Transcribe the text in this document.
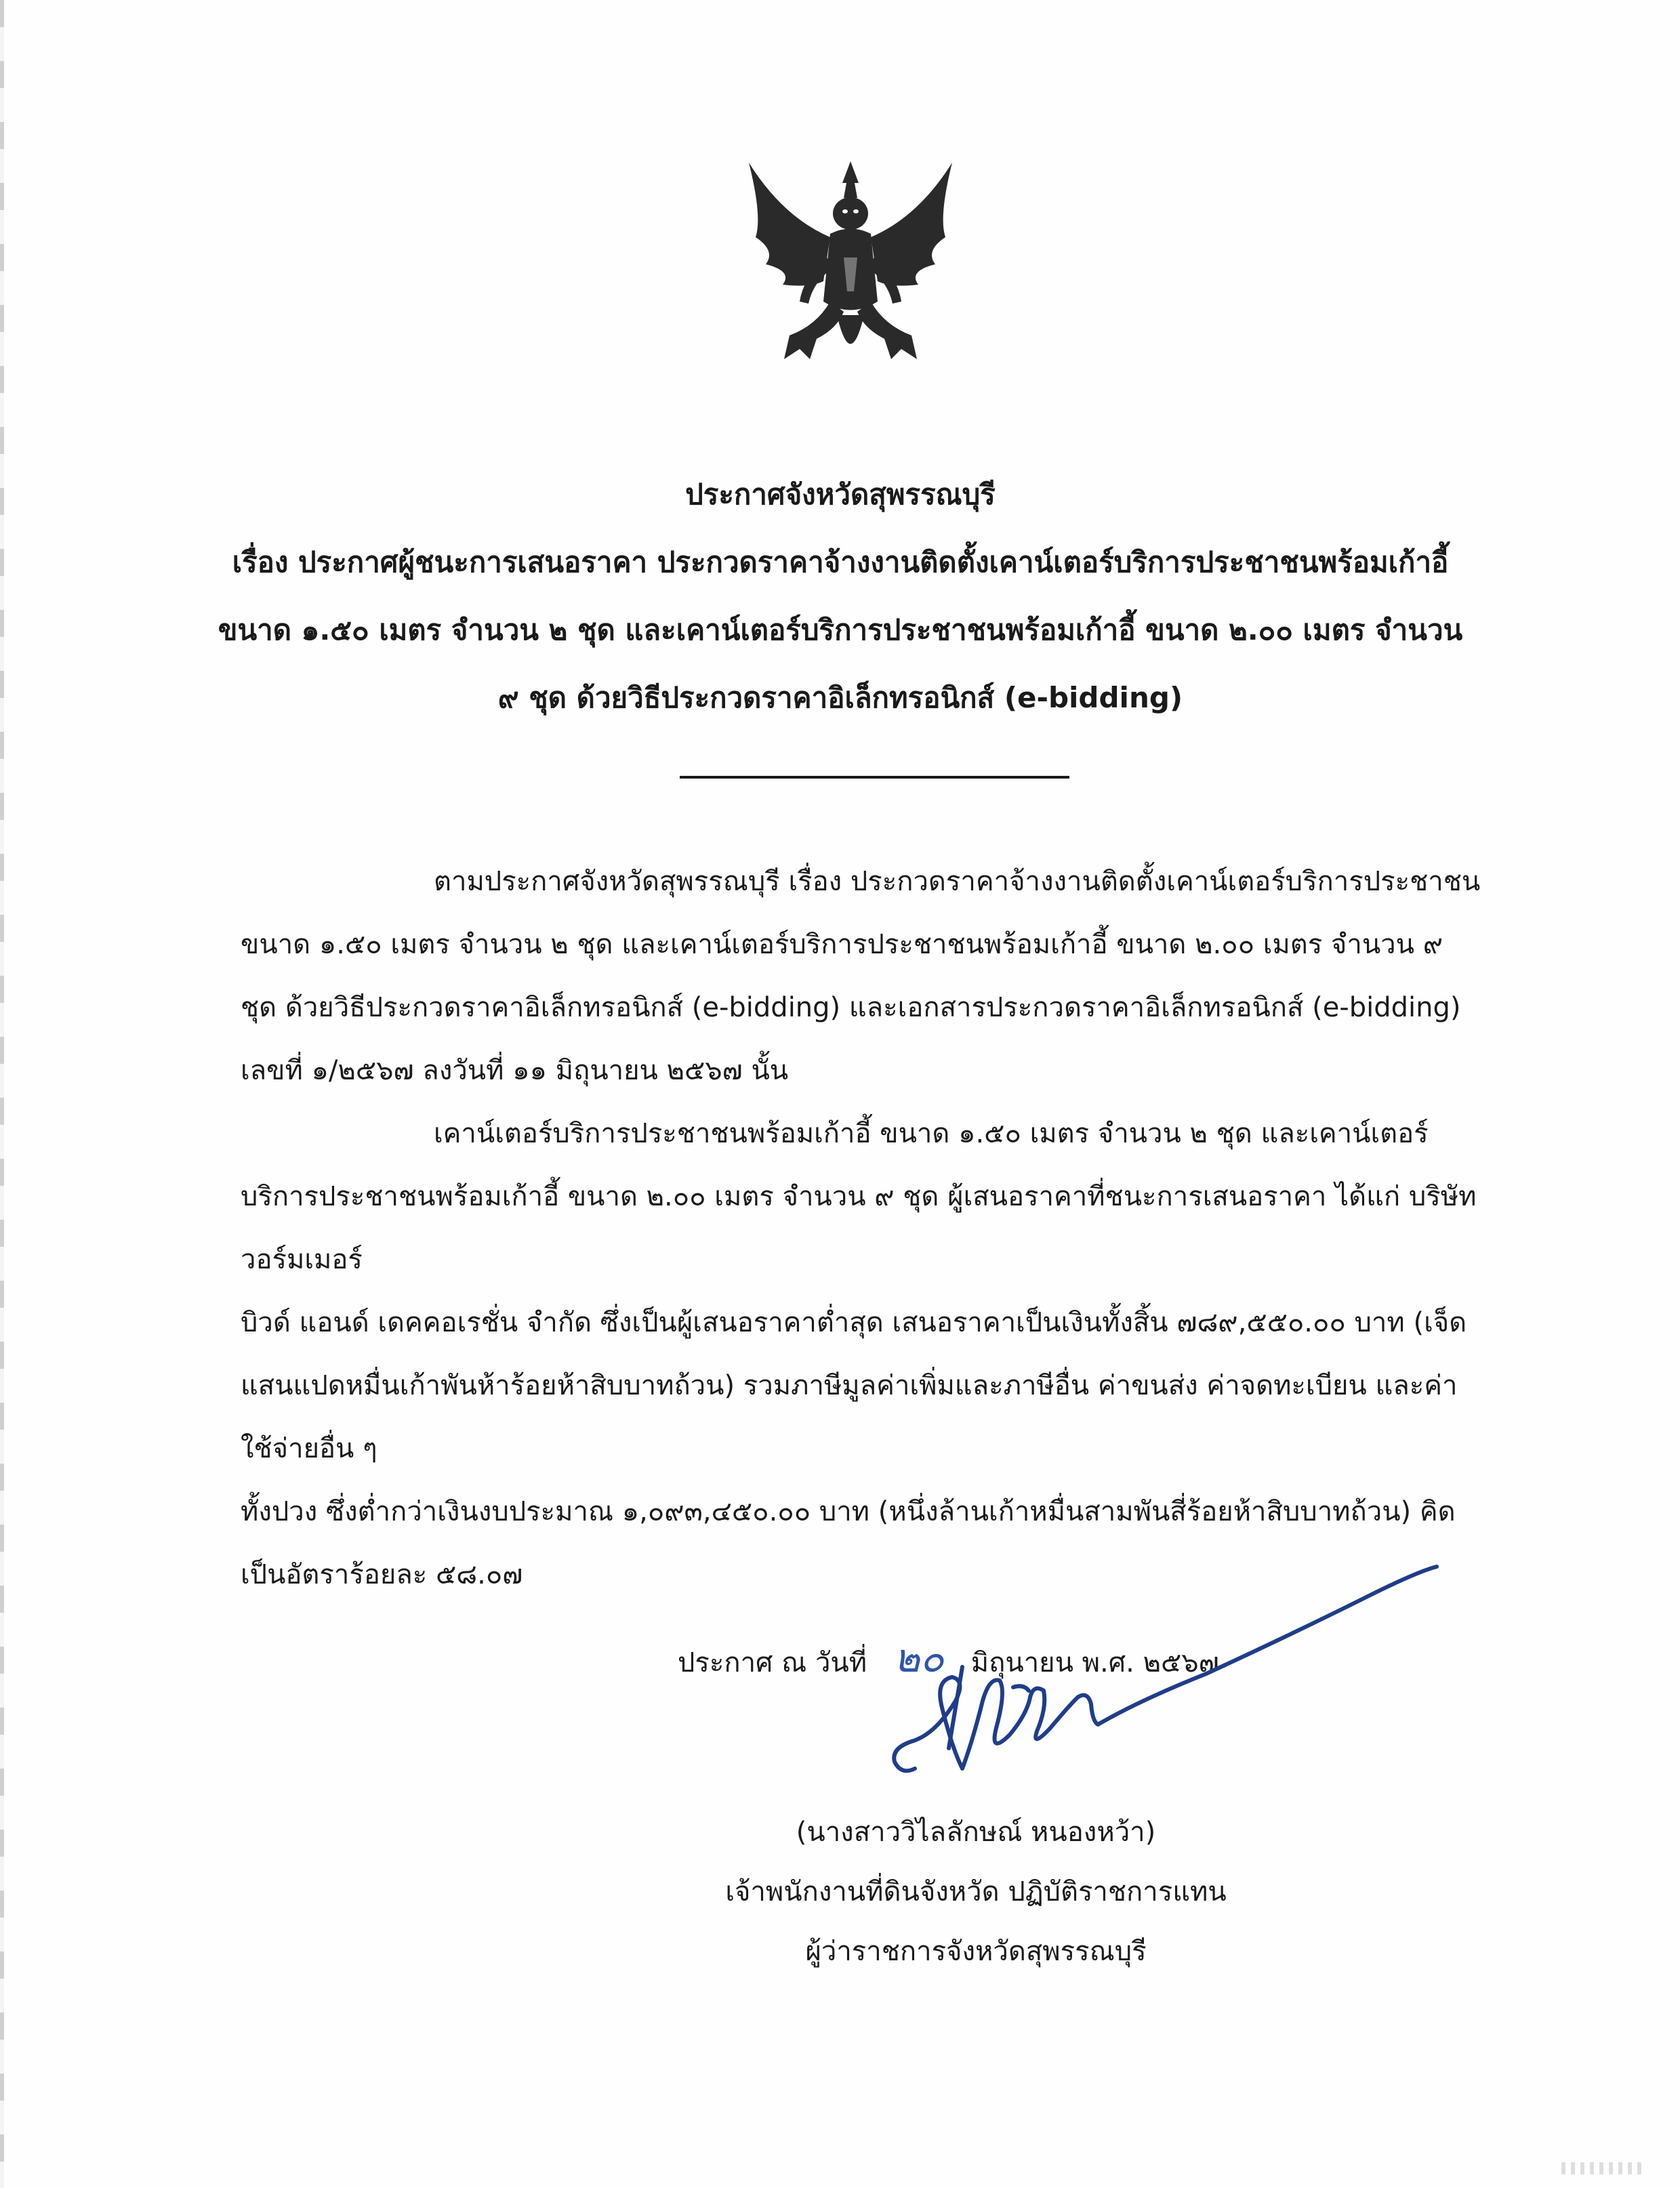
ประกาศจังหวัดสุพรรณบุรี
เรื่อง ประกาศผู้ชนะการเสนอราคา ประกวดราคาจ้างงานติดตั้งเคาน์เตอร์บริการประชาชนพร้อมเก้าอี้
ขนาด ๑.๕๐ เมตร จำนวน ๒ ชุด และเคาน์เตอร์บริการประชาชนพร้อมเก้าอี้ ขนาด ๒.๐๐ เมตร จำนวน
๙ ชุด ด้วยวิธีประกวดราคาอิเล็กทรอนิกส์ (e-bidding)
ตามประกาศจังหวัดสุพรรณบุรี เรื่อง ประกวดราคาจ้างงานติดตั้งเคาน์เตอร์บริการประชาชน
ขนาด ๑.๕๐ เมตร จำนวน ๒ ชุด และเคาน์เตอร์บริการประชาชนพร้อมเก้าอี้ ขนาด ๒.๐๐ เมตร จำนวน ๙
ชุด ด้วยวิธีประกวดราคาอิเล็กทรอนิกส์ (e-bidding) และเอกสารประกวดราคาอิเล็กทรอนิกส์ (e-bidding)
เลขที่ ๑/๒๕๖๗ ลงวันที่ ๑๑ มิถุนายน ๒๕๖๗ นั้น
เคาน์เตอร์บริการประชาชนพร้อมเก้าอี้ ขนาด ๑.๕๐ เมตร จำนวน ๒ ชุด และเคาน์เตอร์
บริการประชาชนพร้อมเก้าอี้ ขนาด ๒.๐๐ เมตร จำนวน ๙ ชุด ผู้เสนอราคาที่ชนะการเสนอราคา ได้แก่ บริษัท
วอร์มเมอร์
บิวด์ แอนด์ เดคคอเรชั่น จำกัด ซึ่งเป็นผู้เสนอราคาต่ำสุด เสนอราคาเป็นเงินทั้งสิ้น ๗๘๙,๕๕๐.๐๐ บาท (เจ็ด
แสนแปดหมื่นเก้าพันห้าร้อยห้าสิบบาทถ้วน) รวมภาษีมูลค่าเพิ่มและภาษีอื่น ค่าขนส่ง ค่าจดทะเบียน และค่า
ใช้จ่ายอื่น ๆ
ทั้งปวง ซึ่งต่ำกว่าเงินงบประมาณ ๑,๐๙๓,๔๕๐.๐๐ บาท (หนึ่งล้านเก้าหมื่นสามพันสี่ร้อยห้าสิบบาทถ้วน) คิด
เป็นอัตราร้อยละ ๕๘.๐๗
ประกาศ ณ วันที่ ๒๐ มิถุนายน พ.ศ. ๒๕๖๗
(นางสาววิไลลักษณ์ หนองหว้า)
เจ้าพนักงานที่ดินจังหวัด ปฏิบัติราชการแทน
ผู้ว่าราชการจังหวัดสุพรรณบุรี
